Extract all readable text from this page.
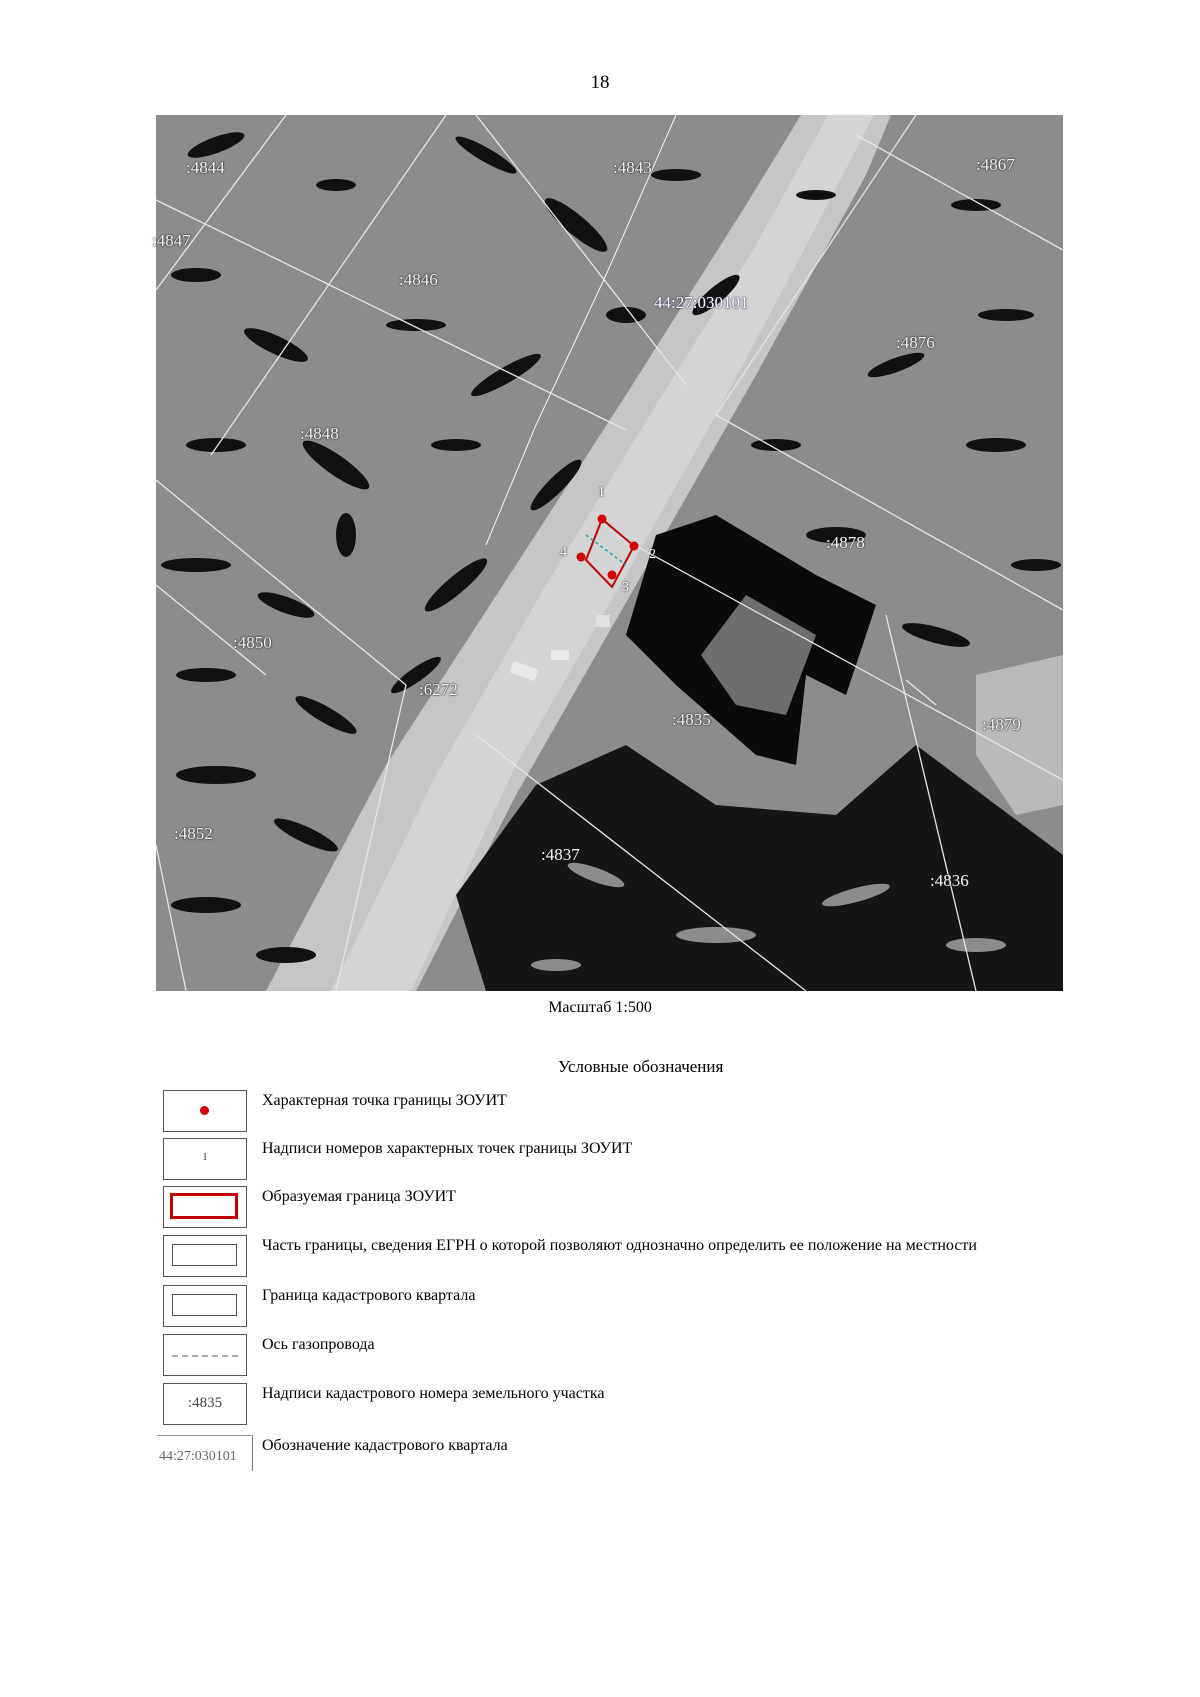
18
:4844	:4843	:4867
:4847
:4846
:4876
:4848
:4878
:4850
:6272
:4835	:4879
:4852
:4837
:4836
44:27:030101
1
2
3
4
Масштаб 1:500
Условные обозначения
Характерная точка границы ЗОУИТ
1
Надписи номеров характерных точек границы ЗОУИТ
Образуемая граница ЗОУИТ
Часть границы, сведения ЕГРН о которой позволяют однозначно определить ее положение на местности
Граница кадастрового квартала
Ось газопровода
:4835
Надписи кадастрового номера земельного участка
44:27:030101
Обозначение кадастрового квартала
